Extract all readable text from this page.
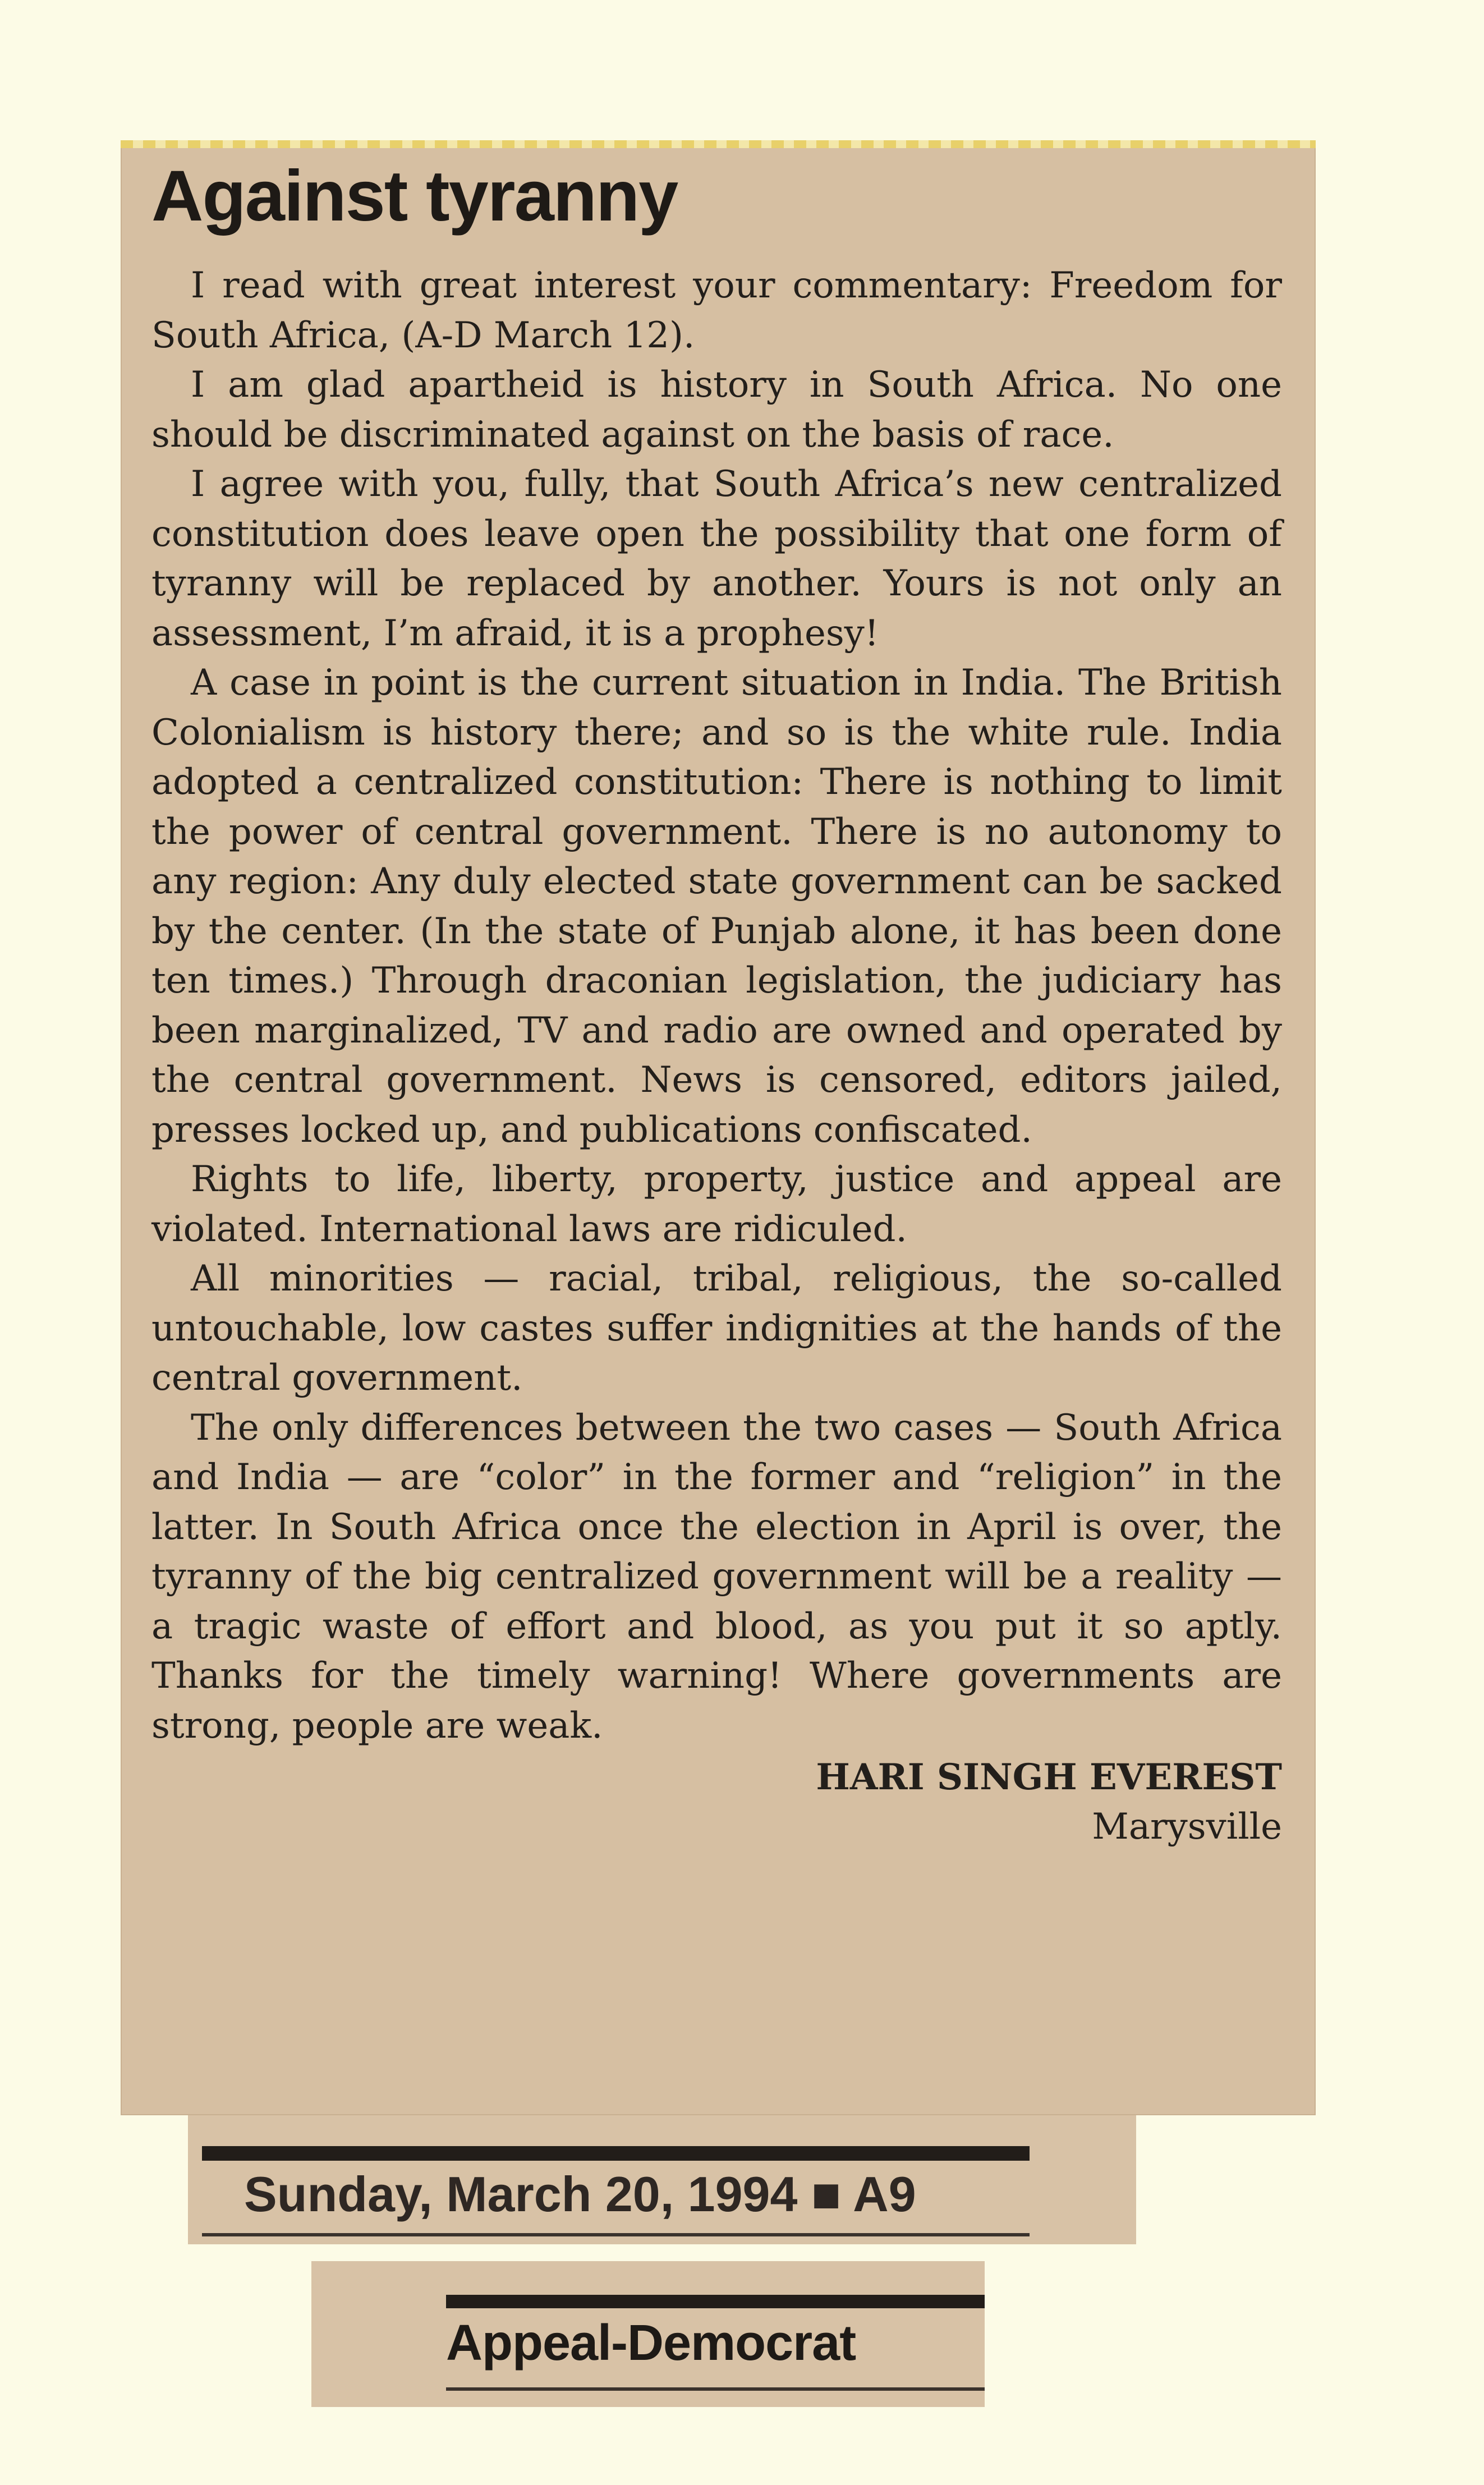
Against tyranny

I read with great interest your commentary: Freedom for South Africa, (A-D March 12).

I am glad apartheid is history in South Africa. No one should be discriminated against on the basis of race.

I agree with you, fully, that South Africa’s new centralized constitution does leave open the possibility that one form of tyranny will be replaced by another. Yours is not only an assessment, I’m afraid, it is a prophesy!

A case in point is the current situation in India. The British Colonialism is history there; and so is the white rule. India adopted a centralized constitution: There is nothing to limit the power of central government. There is no autonomy to any region: Any duly elected state government can be sacked by the center. (In the state of Punjab alone, it has been done ten times.) Through draconian legislation, the judiciary has been marginalized, TV and radio are owned and operated by the central government. News is censored, editors jailed, presses locked up, and publications confiscated.

Rights to life, liberty, property, justice and appeal are violated. International laws are ridiculed.

All minorities — racial, tribal, religious, the so-called untouchable, low castes suffer indignities at the hands of the central government.

The only differences between the two cases — South Africa and India — are “color” in the former and “religion” in the latter. In South Africa once the election in April is over, the tyranny of the big centralized government will be a reality — a tragic waste of effort and blood, as you put it so aptly. Thanks for the timely warning! Where governments are strong, people are weak.

HARI SINGH EVEREST
Marysville
Sunday, March 20, 1994 ■ A9
Appeal-Democrat
